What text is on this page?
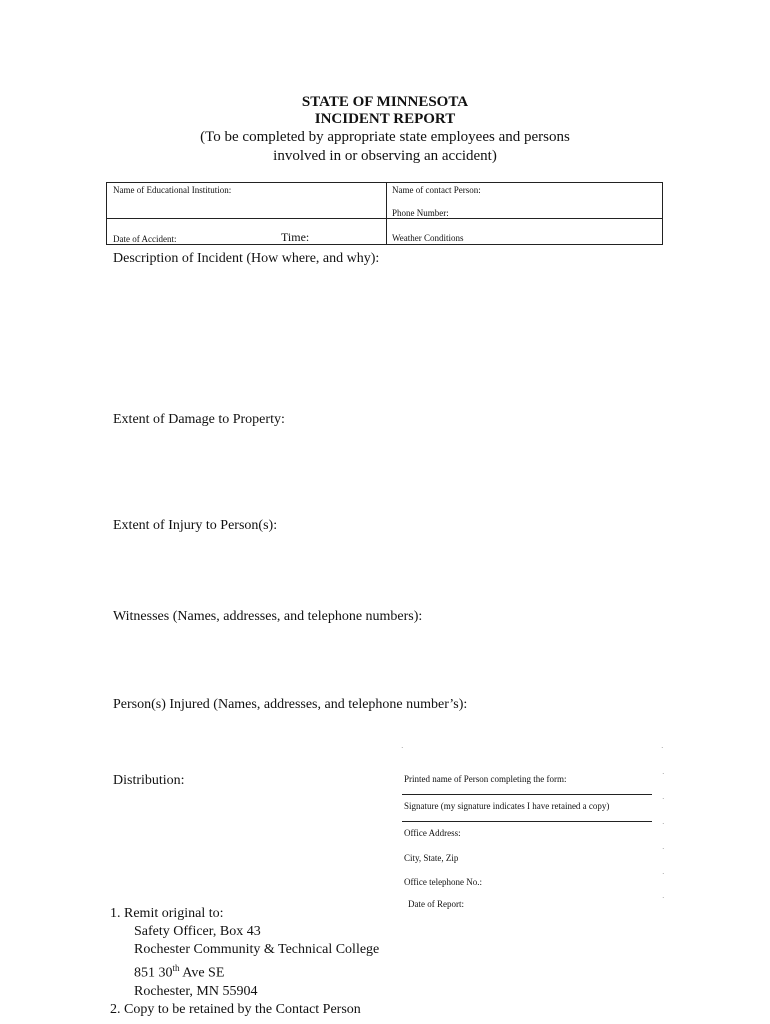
STATE OF MINNESOTA
INCIDENT REPORT
(To be completed by appropriate state employees and persons
involved in or observing an accident)
Name of Educational Institution:	Name of contact Person:
Phone Number:
Date of Accident:	Time:	Weather Conditions
Description of Incident (How where, and why):
Extent of Damage to Property:
Extent of Injury to Person(s):
Witnesses (Names, addresses, and telephone numbers):
Person(s) Injured (Names, addresses, and telephone number’s):
Distribution:
˙	˙
Printed name of Person completing the form:
Signature (my signature indicates I have retained a copy)
Office Address:
City, State, Zip
Office telephone No.:
Date of Report:
˙
˙
˙
˙
˙
˙
1. Remit original to:
Safety Officer, Box 43
Rochester Community & Technical College
851 30th Ave SE
Rochester, MN 55904
2. Copy to be retained by the Contact Person
